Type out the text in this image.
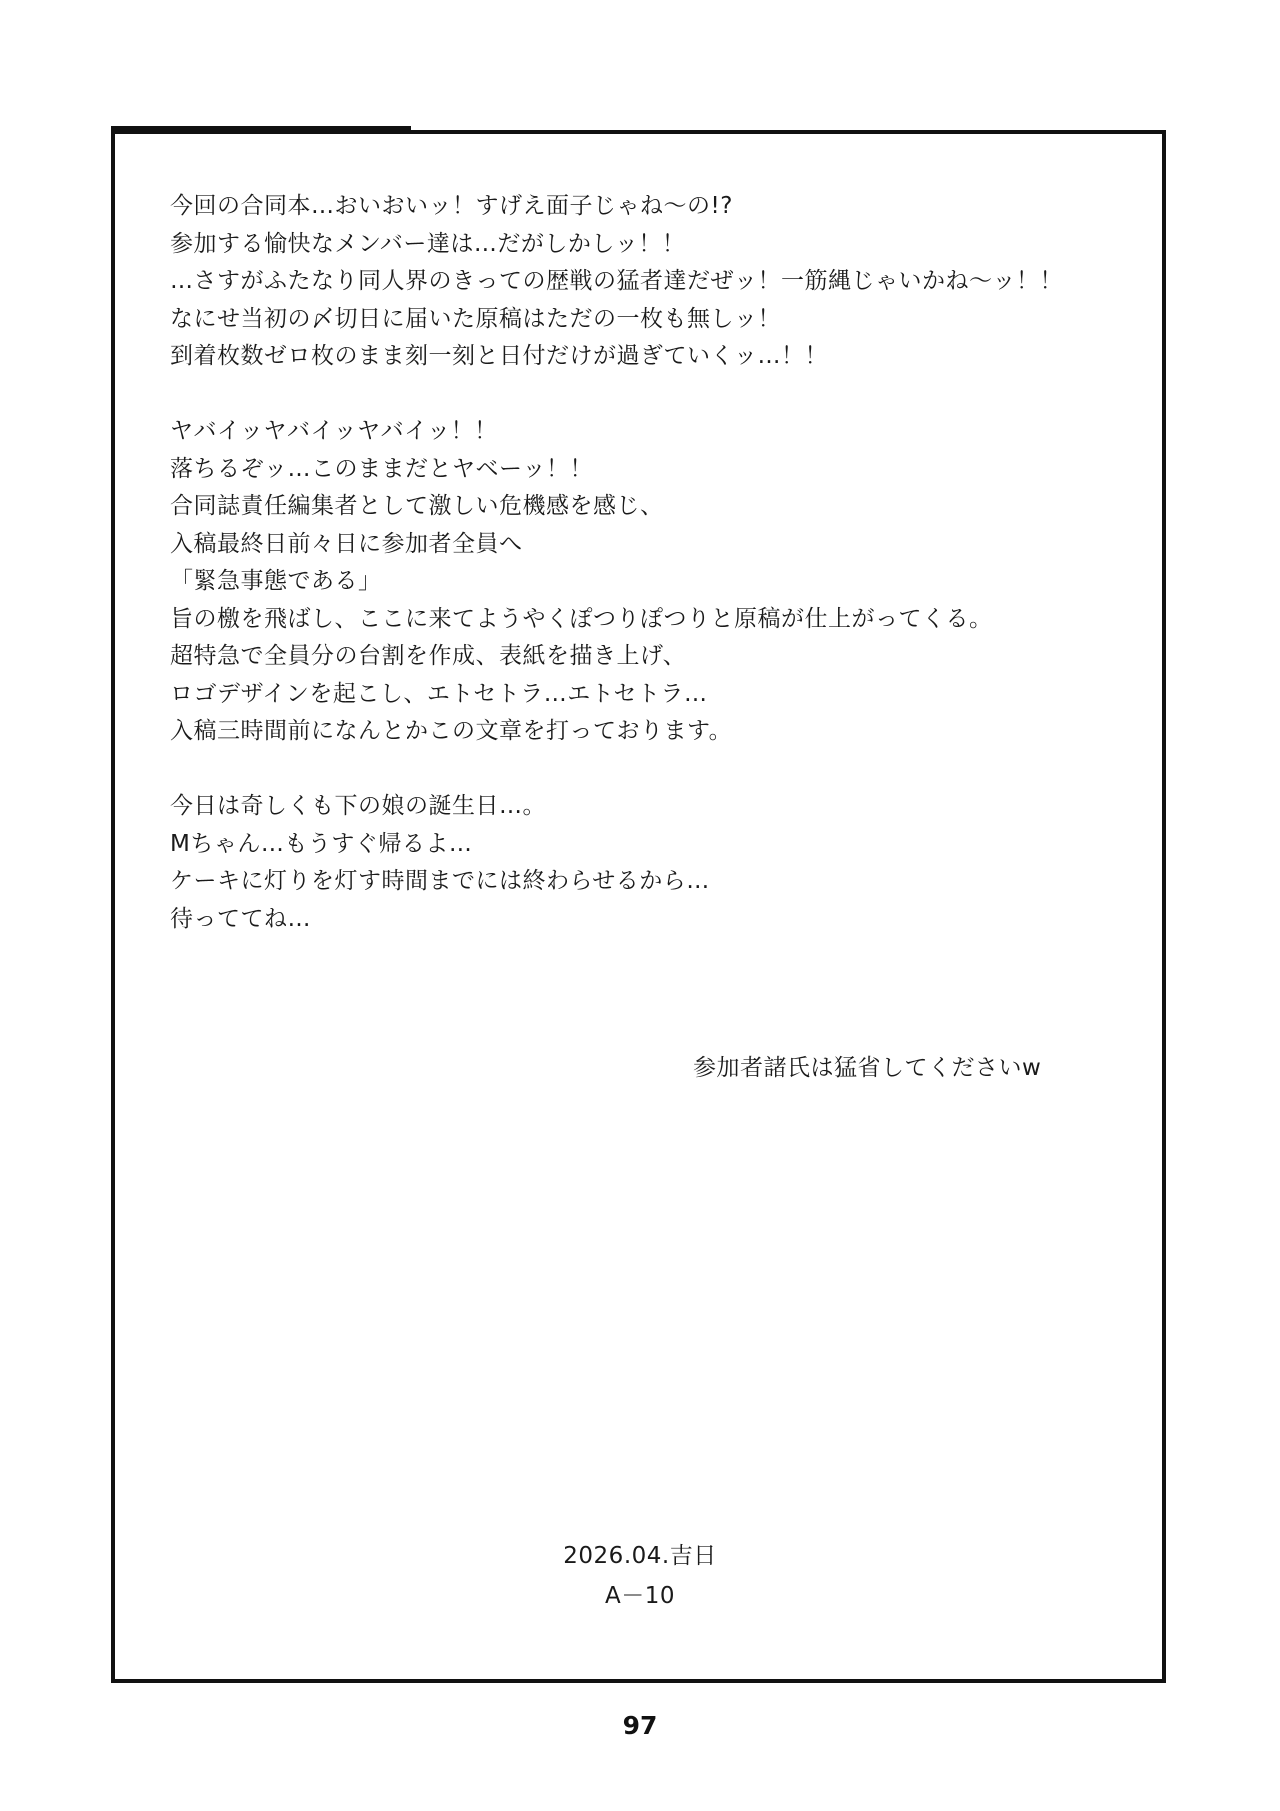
今回の合同本…おいおいッ！すげえ面子じゃね～の!?
参加する愉快なメンバー達は…だがしかしッ！！
…さすがふたなり同人界のきっての歴戦の猛者達だぜッ！一筋縄じゃいかね～ッ！！
なにせ当初の〆切日に届いた原稿はただの一枚も無しッ！
到着枚数ゼロ枚のまま刻一刻と日付だけが過ぎていくッ…！！
ヤバイッヤバイッヤバイッ！！
落ちるぞッ…このままだとヤベーッ！！
合同誌責任編集者として激しい危機感を感じ、
入稿最終日前々日に参加者全員へ
「緊急事態である」
旨の檄を飛ばし、ここに来てようやくぽつりぽつりと原稿が仕上がってくる。
超特急で全員分の台割を作成、表紙を描き上げ、
ロゴデザインを起こし、エトセトラ…エトセトラ…
入稿三時間前になんとかこの文章を打っております。
今日は奇しくも下の娘の誕生日…。
Mちゃん…もうすぐ帰るよ…
ケーキに灯りを灯す時間までには終わらせるから…
待っててね…
参加者諸氏は猛省してくださいw
2026.04.吉日
A－10
97
